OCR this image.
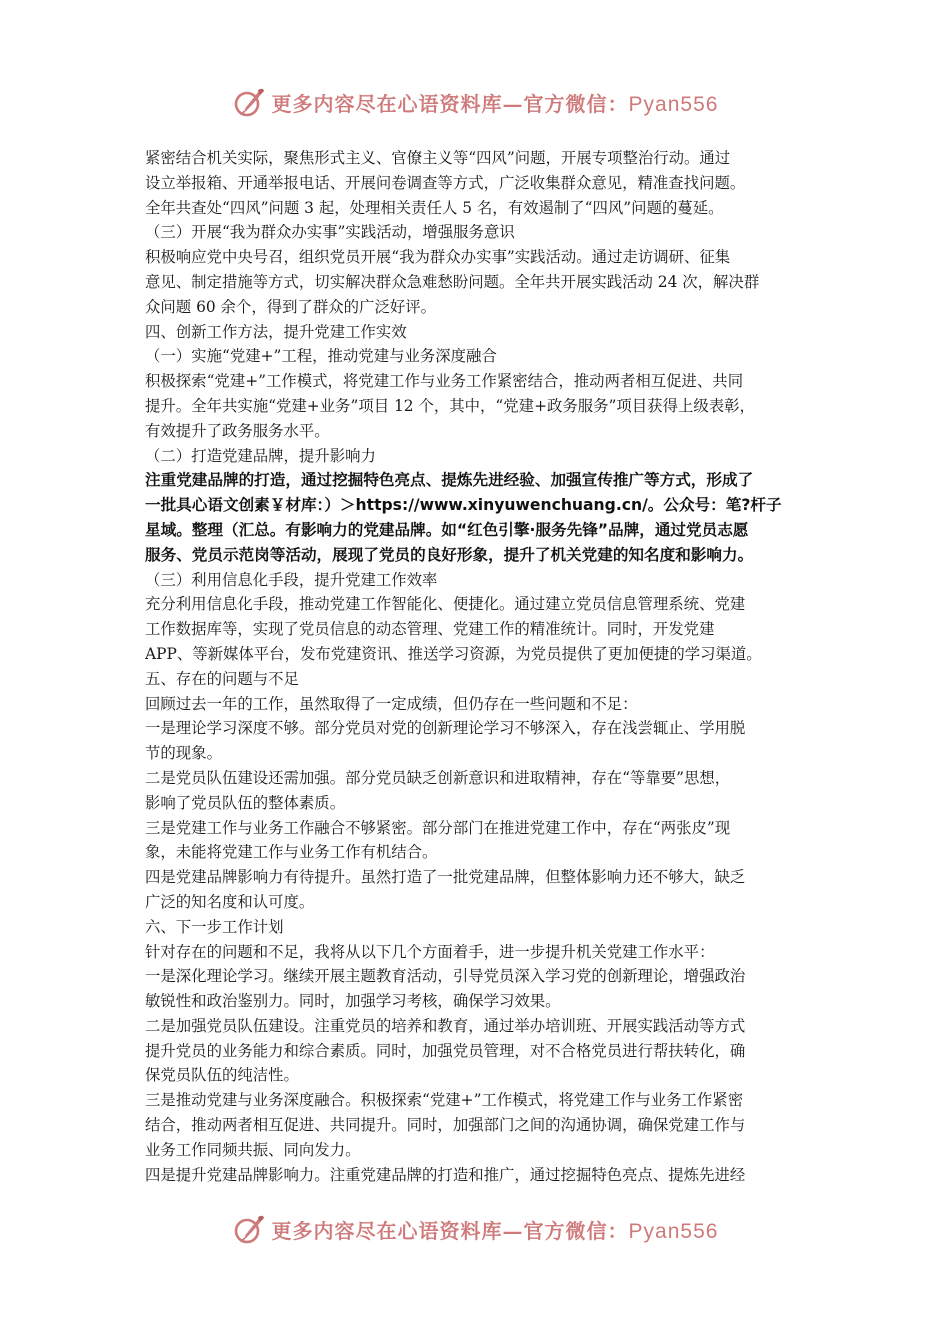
更多内容尽在心语资料库—官方微信：Pyan556
紧密结合机关实际，聚焦形式主义、官僚主义等“四风”问题，开展专项整治行动。通过
设立举报箱、开通举报电话、开展问卷调查等方式，广泛收集群众意见，精准查找问题。
全年共查处“四风”问题 3 起，处理相关责任人 5 名，有效遏制了“四风”问题的蔓延。
（三）开展“我为群众办实事”实践活动，增强服务意识
积极响应党中央号召，组织党员开展“我为群众办实事”实践活动。通过走访调研、征集
意见、制定措施等方式，切实解决群众急难愁盼问题。全年共开展实践活动 24 次，解决群
众问题 60 余个，得到了群众的广泛好评。
四、创新工作方法，提升党建工作实效
（一）实施“党建+”工程，推动党建与业务深度融合
积极探索“党建+”工作模式，将党建工作与业务工作紧密结合，推动两者相互促进、共同
提升。全年共实施“党建+业务”项目 12 个，其中，“党建+政务服务”项目获得上级表彰，
有效提升了政务服务水平。
（二）打造党建品牌，提升影响力
注重党建品牌的打造，通过挖掘特色亮点、提炼先进经验、加强宣传推广等方式，形成了
一批具心语文创素￥材库：）＞https://www.xinyuwenchuang.cn/。公众号：笔?杆子
星域。整理（汇总。有影响力的党建品牌。如“红色引擎·服务先锋”品牌，通过党员志愿
服务、党员示范岗等活动，展现了党员的良好形象，提升了机关党建的知名度和影响力。
（三）利用信息化手段，提升党建工作效率
充分利用信息化手段，推动党建工作智能化、便捷化。通过建立党员信息管理系统、党建
工作数据库等，实现了党员信息的动态管理、党建工作的精准统计。同时，开发党建
APP、等新媒体平台，发布党建资讯、推送学习资源，为党员提供了更加便捷的学习渠道。
五、存在的问题与不足
回顾过去一年的工作，虽然取得了一定成绩，但仍存在一些问题和不足：
一是理论学习深度不够。部分党员对党的创新理论学习不够深入，存在浅尝辄止、学用脱
节的现象。
二是党员队伍建设还需加强。部分党员缺乏创新意识和进取精神，存在“等靠要”思想，
影响了党员队伍的整体素质。
三是党建工作与业务工作融合不够紧密。部分部门在推进党建工作中，存在“两张皮”现
象，未能将党建工作与业务工作有机结合。
四是党建品牌影响力有待提升。虽然打造了一批党建品牌，但整体影响力还不够大，缺乏
广泛的知名度和认可度。
六、下一步工作计划
针对存在的问题和不足，我将从以下几个方面着手，进一步提升机关党建工作水平：
一是深化理论学习。继续开展主题教育活动，引导党员深入学习党的创新理论，增强政治
敏锐性和政治鉴别力。同时，加强学习考核，确保学习效果。
二是加强党员队伍建设。注重党员的培养和教育，通过举办培训班、开展实践活动等方式
提升党员的业务能力和综合素质。同时，加强党员管理，对不合格党员进行帮扶转化，确
保党员队伍的纯洁性。
三是推动党建与业务深度融合。积极探索“党建+”工作模式，将党建工作与业务工作紧密
结合，推动两者相互促进、共同提升。同时，加强部门之间的沟通协调，确保党建工作与
业务工作同频共振、同向发力。
四是提升党建品牌影响力。注重党建品牌的打造和推广，通过挖掘特色亮点、提炼先进经
更多内容尽在心语资料库—官方微信：Pyan556
